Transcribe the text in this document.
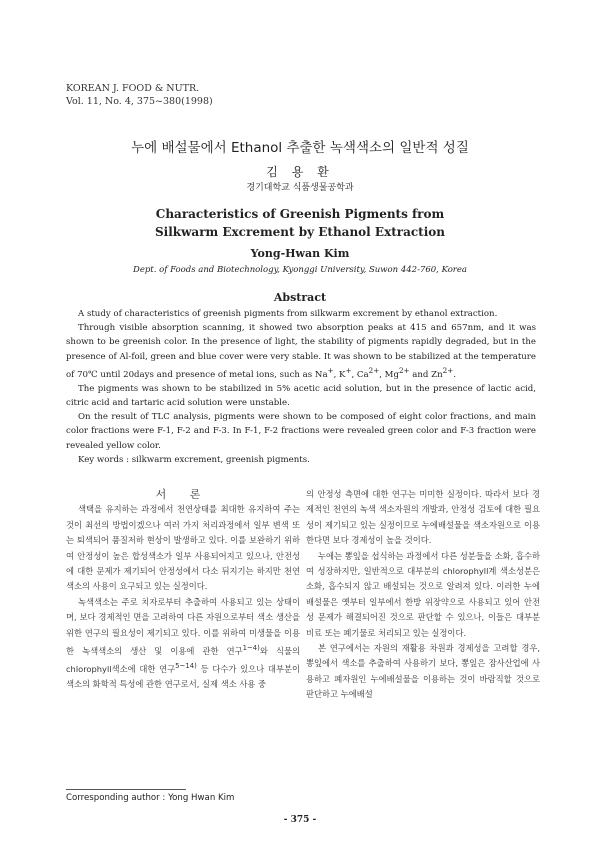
KOREAN J. FOOD & NUTR.
Vol. 11, No. 4, 375~380(1998)
누에 배설물에서 Ethanol 추출한 녹색색소의 일반적 성질
김 용 환
경기대학교 식품생물공학과
Characteristics of Greenish Pigments from
Silkwarm Excrement by Ethanol Extraction
Yong-Hwan Kim
Dept. of Foods and Biotechnology, Kyonggi University, Suwon 442-760, Korea
Abstract

A study of characteristics of greenish pigments from silkwarm excrement by ethanol extraction.

Through visible absorption scanning, it showed two absorption peaks at 415 and 657nm, and it was shown to be greenish color. In the presence of light, the stability of pigments rapidly degraded, but in the presence of Al-foil, green and blue cover were very stable. It was shown to be stabilized at the temperature of 70℃ until 20days and presence of metal ions, such as Na+, K+, $Ca^{2+}$, $Mg^{2+}$ and $Zn^{2+}$.

The pigments was shown to be stabilized in 5% acetic acid solution, but in the presence of lactic acid, citric acid and tartaric acid solution were unstable.

On the result of TLC analysis, pigments were shown to be composed of eight color fractions, and main color fractions were F-1, F-2 and F-3. In F-1, F-2 fractions were revealed green color and F-3 fraction were revealed yellow color.

Key words : silkwarm excrement, greenish pigments.

서 론

색택을 유지하는 과정에서 천연상태를 최대한 유지하여 주는 것이 최선의 방법이겠으나 여러 가지 처리과정에서 일부 변색 또는 퇴색되어 품질저하 현상이 발생하고 있다. 이를 보완하기 위하여 안정성이 높은 합성색소가 일부 사용되어지고 있으나, 안전성에 대한 문제가 제기되어 안정성에서 다소 뒤지기는 하지만 천연색소의 사용이 요구되고 있는 실정이다.

녹색색소는 주로 치자로부터 추출하여 사용되고 있는 상태이며, 보다 경제적인 면을 고려하여 다른 자원으로부터 색소 생산을 위한 연구의 필요성이 제기되고 있다. 이를 위하여 미생물을 이용한 녹색색소의 생산 및 이용에 관한 연구$^{1\sim 4)}$와 식물의 chlorophyll색소에 대한 연구$^{5\sim 14)}$ 등 다수가 있으나 대부분이 색소의 화학적 특성에 관한 연구로서, 실제 색소 사용 중

의 안정성 측면에 대한 연구는 미미한 실정이다. 따라서 보다 경제적인 천연의 녹색 색소자원의 개발과, 안정성 검토에 대한 필요성이 제기되고 있는 실정이므로 누에배설물을 색소자원으로 이용한다면 보다 경제성이 높을 것이다.

누에는 뽕잎을 섭식하는 과정에서 다른 성분들을 소화, 흡수하여 성장하지만, 일반적으로 대부분의 chlorophyll계 색소성분은 소화, 흡수되지 않고 배설되는 것으로 알려져 있다. 이러한 누에배설물은 옛부터 일부에서 한방 위장약으로 사용되고 있어 안전성 문제가 해결되어진 것으로 판단할 수 있으나, 이들은 대부분 비료 또는 폐기물로 처리되고 있는 실정이다.

본 연구에서는 자원의 재활용 차원과 경제성을 고려할 경우, 뽕잎에서 색소를 추출하여 사용하기 보다, 뽕잎은 잠사산업에 사용하고 폐자원인 누에배설물을 이용하는 것이 바람직할 것으로 판단하고 누에배설

Corresponding author : Yong Hwan Kim
- 375 -
